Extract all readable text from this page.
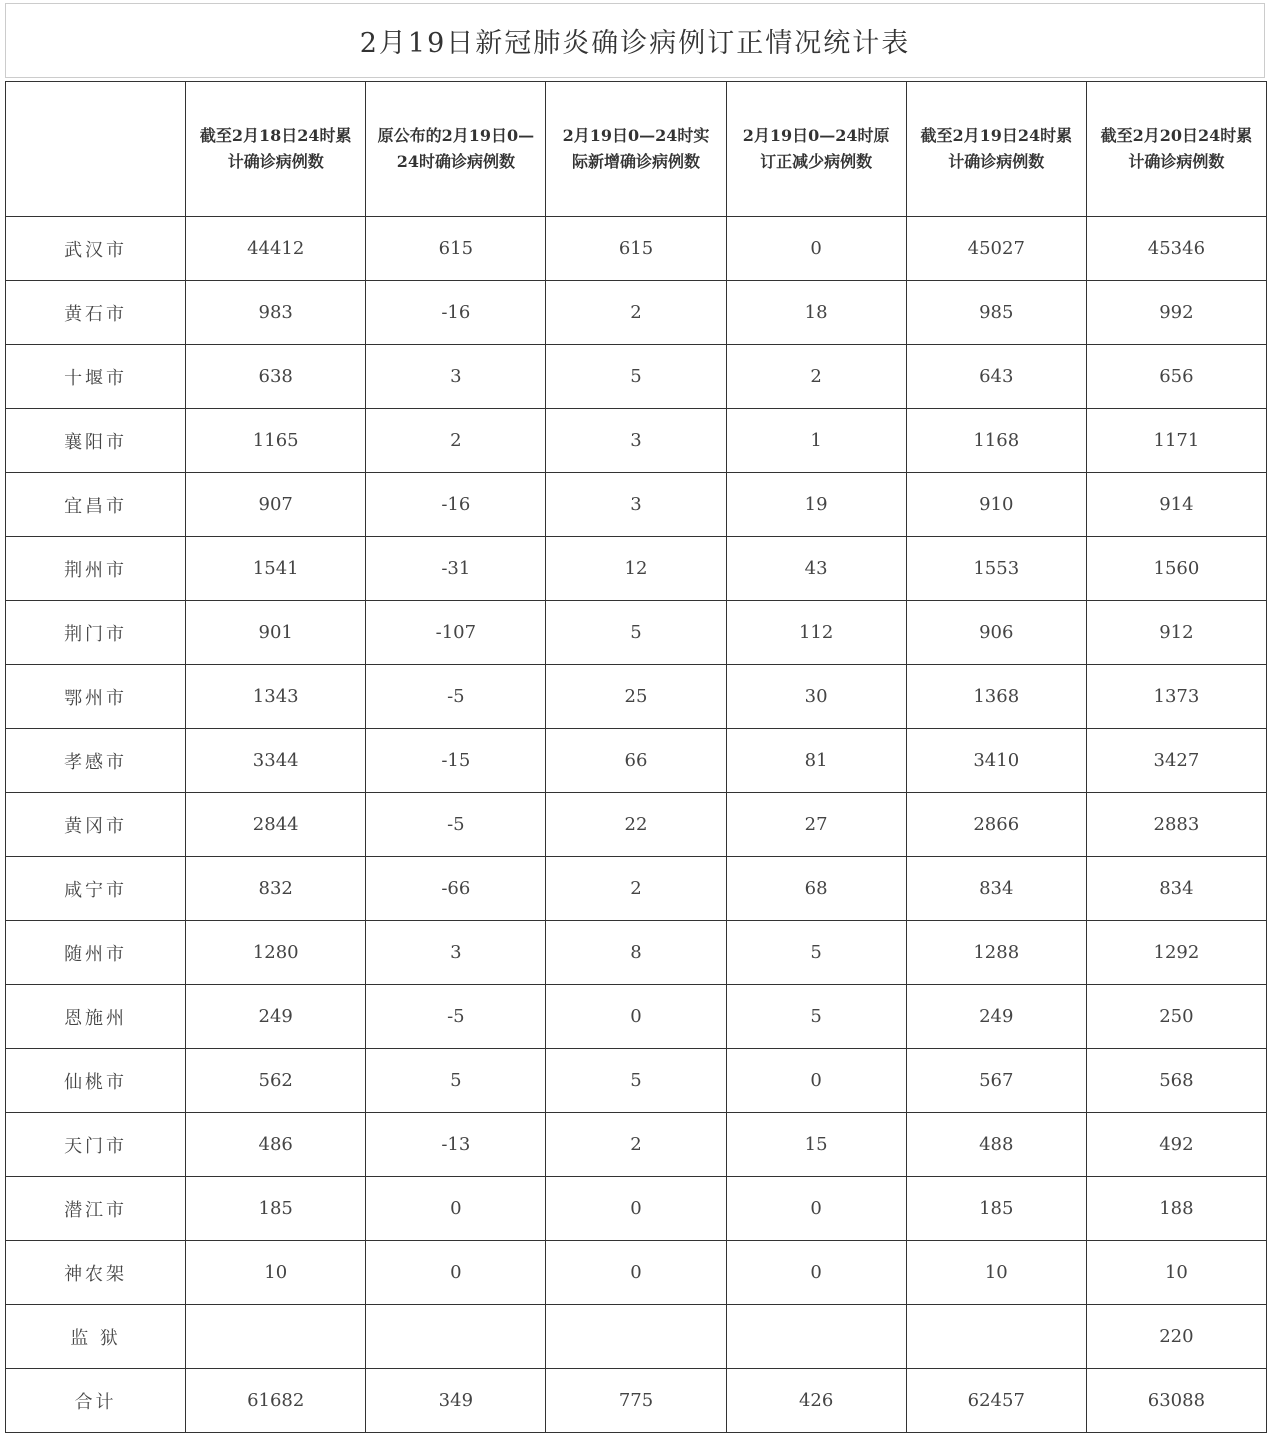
2月19日新冠肺炎确诊病例订正情况统计表

	截至2月18日24时累计确诊病例数	原公布的2月19日0—24时确诊病例数	2月19日0—24时实际新增确诊病例数	2月19日0—24时原订正减少病例数	截至2月19日24时累计确诊病例数	截至2月20日24时累计确诊病例数

武汉市	44412	615	615	0	45027	45346
黄石市	983	-16	2	18	985	992
十堰市	638	3	5	2	643	656
襄阳市	1165	2	3	1	1168	1171
宜昌市	907	-16	3	19	910	914
荆州市	1541	-31	12	43	1553	1560
荆门市	901	-107	5	112	906	912
鄂州市	1343	-5	25	30	1368	1373
孝感市	3344	-15	66	81	3410	3427
黄冈市	2844	-5	22	27	2866	2883
咸宁市	832	-66	2	68	834	834
随州市	1280	3	8	5	1288	1292
恩施州	249	-5	0	5	249	250
仙桃市	562	5	5	0	567	568
天门市	486	-13	2	15	488	492
潜江市	185	0	0	0	185	188
神农架	10	0	0	0	10	10
监 狱						220
合计	61682	349	775	426	62457	63088
